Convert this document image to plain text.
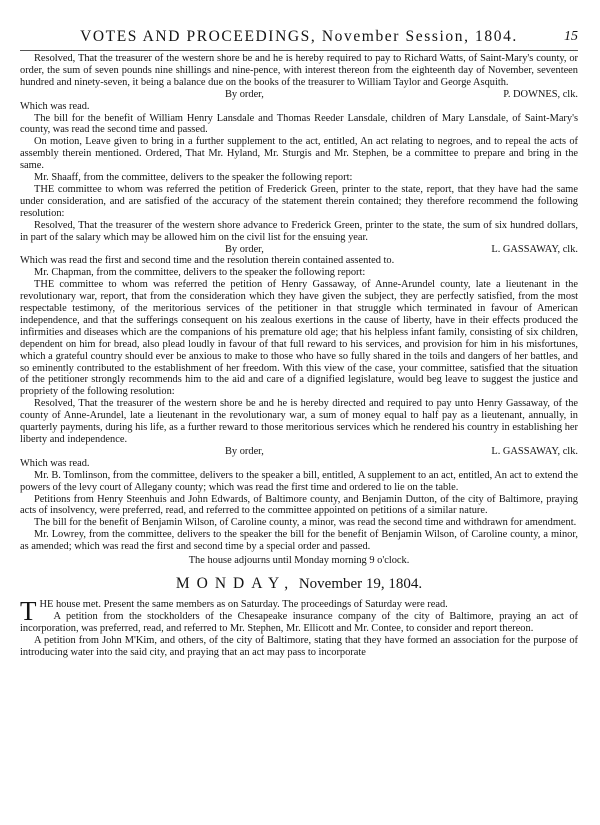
VOTES AND PROCEEDINGS, November Session, 1804.	15

Resolved, That the treasurer of the western shore be and he is hereby required to pay to Richard Watts, of Saint-Mary's county, or order, the sum of seven pounds nine shillings and nine-pence, with interest thereon from the eighteenth day of November, seventeen hundred and ninety-seven, it being a balance due on the books of the treasurer to William Taylor and George Asquith.

By order,	P. DOWNES, clk.

Which was read.

The bill for the benefit of William Henry Lansdale and Thomas Reeder Lansdale, children of Mary Lansdale, of Saint-Mary's county, was read the second time and passed.

On motion, Leave given to bring in a further supplement to the act, entitled, An act relating to negroes, and to repeal the acts of assembly therein mentioned. Ordered, That Mr. Hyland, Mr. Sturgis and Mr. Stephen, be a committee to prepare and bring in the same.

Mr. Shaaff, from the committee, delivers to the speaker the following report:

THE committee to whom was referred the petition of Frederick Green, printer to the state, report, that they have had the same under consideration, and are satisfied of the accuracy of the statement therein contained; they therefore recommend the following resolution:

Resolved, That the treasurer of the western shore advance to Frederick Green, printer to the state, the sum of six hundred dollars, in part of the salary which may be allowed him on the civil list for the ensuing year.

By order,	L. GASSAWAY, clk.

Which was read the first and second time and the resolution therein contained assented to.

Mr. Chapman, from the committee, delivers to the speaker the following report:

THE committee to whom was referred the petition of Henry Gassaway, of Anne-Arundel county, late a lieutenant in the revolutionary war, report, that from the consideration which they have given the subject, they are perfectly satisfied, from the most respectable testimony, of the meritorious services of the petitioner in that struggle which terminated in favour of American independence, and that the sufferings consequent on his zealous exertions in the cause of liberty, have in their effects produced the infirmities and diseases which are the companions of his premature old age; that his helpless infant family, consisting of six children, dependent on him for bread, also plead loudly in favour of that full reward to his services, and provision for him in his misfortunes, which a grateful country should ever be anxious to make to those who have so fully shared in the toils and dangers of her battles, and so eminently contributed to the establishment of her freedom. With this view of the case, your committee, satisfied that the situation of the petitioner strongly recommends him to the aid and care of a dignified legislature, would beg leave to suggest the justice and propriety of the following resolution:

Resolved, That the treasurer of the western shore be and he is hereby directed and required to pay unto Henry Gassaway, of the county of Anne-Arundel, late a lieutenant in the revolutionary war, a sum of money equal to half pay as a lieutenant, annually, in quarterly payments, during his life, as a further reward to those meritorious services which he rendered his country in establishing her liberty and independence.

By order,	L. GASSAWAY, clk.

Which was read.

Mr. B. Tomlinson, from the committee, delivers to the speaker a bill, entitled, A supplement to an act, entitled, An act to extend the powers of the levy court of Allegany county; which was read the first time and ordered to lie on the table.

Petitions from Henry Steenhuis and John Edwards, of Baltimore county, and Benjamin Dutton, of the city of Baltimore, praying acts of insolvency, were preferred, read, and referred to the committee appointed on petitions of a similar nature.

The bill for the benefit of Benjamin Wilson, of Caroline county, a minor, was read the second time and withdrawn for amendment.

Mr. Lowrey, from the committee, delivers to the speaker the bill for the benefit of Benjamin Wilson, of Caroline county, a minor, as amended; which was read the first and second time by a special order and passed.

The house adjourns until Monday morning 9 o'clock.
MONDAY, November 19, 1804.

THE house met. Present the same members as on Saturday. The proceedings of Saturday were read.

A petition from the stockholders of the Chesapeake insurance company of the city of Baltimore, praying an act of incorporation, was preferred, read, and referred to Mr. Stephen, Mr. Ellicott and Mr. Contee, to consider and report thereon.

A petition from John M'Kim, and others, of the city of Baltimore, stating that they have formed an association for the purpose of introducing water into the said city, and praying that an act may pass to incorporate
